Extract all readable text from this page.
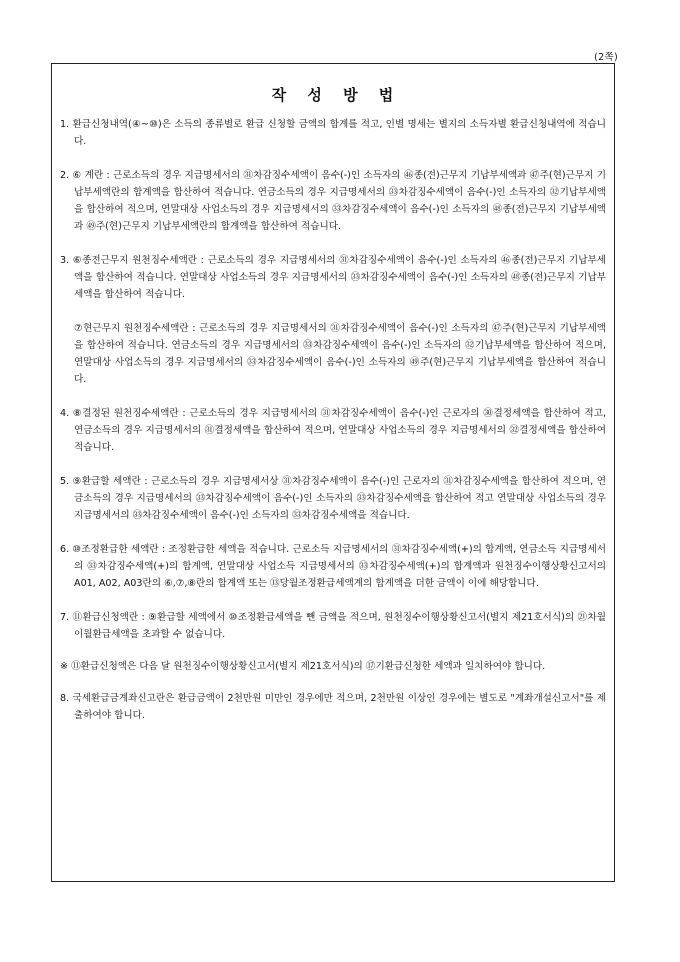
(2쪽)
작 성 방 법

1. 환급신청내역(④~⑩)은 소득의 종류별로 환급 신청할 금액의 합계를 적고, 인별 명세는 별지의 소득자별 환급신청내역에 적습니다.

2. ⑥ 계란 : 근로소득의 경우 지급명세서의 ㉛차감징수세액이 음수(-)인 소득자의 ㊻종(전)근무지 기납부세액과 ㊼주(현)근무지 기납부세액란의 합계액을 합산하여 적습니다. 연금소득의 경우 지급명세서의 ㉝차감징수세액이 음수(-)인 소득자의 ㉜기납부세액을 합산하여 적으며, 연말대상 사업소득의 경우 지급명세서의 ㉝차감징수세액이 음수(-)인 소득자의 ㊽종(전)근무지 기납부세액과 ㊾주(현)근무지 기납부세액란의 합계액을 합산하여 적습니다.

3. ⑥종전근무지 원천징수세액란 : 근로소득의 경우 지급명세서의 ㉛차감징수세액이 음수(-)인 소득자의 ㊻종(전)근무지 기납부세액을 합산하여 적습니다. 연말대상 사업소득의 경우 지급명세서의 ㉝차감징수세액이 음수(-)인 소득자의 ㊽종(전)근무지 기납부세액을 합산하여 적습니다.

⑦현근무지 원천징수세액란 : 근로소득의 경우 지급명세서의 ㉛차감징수세액이 음수(-)인 소득자의 ㊼주(현)근무지 기납부세액을 합산하여 적습니다. 연금소득의 경우 지급명세서의 ㉝차감징수세액이 음수(-)인 소득자의 ㉜기납부세액을 합산하여 적으며, 연말대상 사업소득의 경우 지급명세서의 ㉝차감징수세액이 음수(-)인 소득자의 ㊾주(현)근무지 기납부세액을 합산하여 적습니다.

4. ⑧결정된 원천징수세액란 : 근로소득의 경우 지급명세서의 ㉛차감징수세액이 음수(-)인 근로자의 ㉚결정세액을 합산하여 적고, 연금소득의 경우 지급명세서의 ㉛결정세액을 합산하여 적으며, 연말대상 사업소득의 경우 지급명세서의 ㉜결정세액을 합산하여 적습니다.

5. ⑨환급할 세액란 : 근로소득의 경우 지급명세서상 ㉛차감징수세액이 음수(-)인 근로자의 ㉛차감징수세액을 합산하여 적으며, 연금소득의 경우 지급명세서의 ㉝차감징수세액이 음수(-)인 소득자의 ㉝차감징수세액을 합산하여 적고 연말대상 사업소득의 경우 지급명세서의 ㉝차감징수세액이 음수(-)인 소득자의 ㉝차감징수세액을 적습니다.

6. ⑩조정환급한 세액란 : 조정환급한 세액을 적습니다. 근로소득 지급명세서의 ㉛차감징수세액(+)의 합계액, 연금소득 지급명세서의 ㉝차감징수세액(+)의 합계액, 연말대상 사업소득 지급명세서의 ㉝차감징수세액(+)의 합계액과 원천징수이행상황신고서의 A01, A02, A03란의 ⑥,⑦,⑧란의 합계액 또는 ⑬당월조정환급세액계의 합계액을 더한 금액이 이에 해당합니다.

7. ⑪환급신청액란 : ⑨환급할 세액에서 ⑩조정환급세액을 뺀 금액을 적으며, 원천징수이행상황신고서(별지 제21호서식)의 ㉑차월이월환급세액을 초과할 수 없습니다.

※ ⑪환급신청액은 다음 달 원천징수이행상황신고서(별지 제21호서식)의 ⑰기환급신청한 세액과 일치하여야 합니다.

8. 국세환급금계좌신고란은 환급금액이 2천만원 미만인 경우에만 적으며, 2천만원 이상인 경우에는 별도로 "계좌개설신고서"를 제출하여야 합니다.
